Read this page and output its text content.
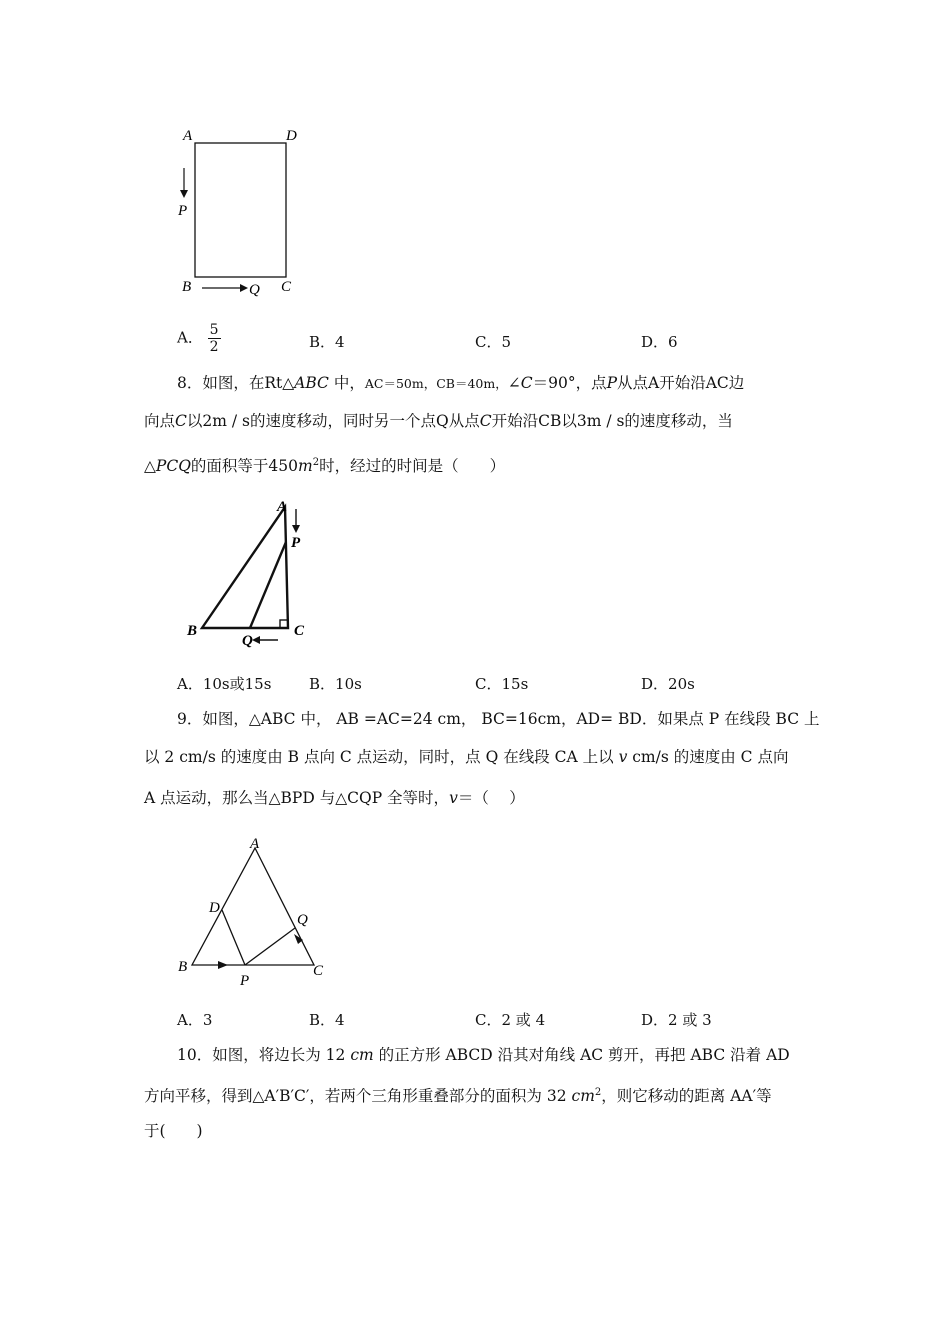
A	D
P
B	Q C
A． $\frac{5}{2}$	B．4	C．5	D．6
8．如图，在Rt△ABC 中，AC＝50m，CB＝40m，∠C＝90°，点P从点A开始沿AC边
向点C以2m / s的速度移动，同时另一个点Q从点C开始沿CB以3m / s的速度移动，当
△PCQ的面积等于$450m^2$时，经过的时间是（　　）
A
P
B
Q
C
A．10s或15s	B．10s	C．15s	D．20s
9．如图，△ABC 中， AB =AC=24 cm， BC=16cm，AD= BD．如果点 P 在线段 BC 上
以 2 cm/s 的速度由 B 点向 C 点运动，同时，点 Q 在线段 CA 上以 v cm/s 的速度由 C 点向
A 点运动，那么当△BPD 与△CQP 全等时，v＝（　 ）
A
D
Q
B
P
C
A．3	B．4	C．2 或 4	D．2 或 3
10．如图，将边长为 12 cm 的正方形 ABCD 沿其对角线 AC 剪开，再把 ABC 沿着 AD
方向平移，得到△A′B′C′，若两个三角形重叠部分的面积为 32 $cm^2$，则它移动的距离 AA′等
于(　　)
